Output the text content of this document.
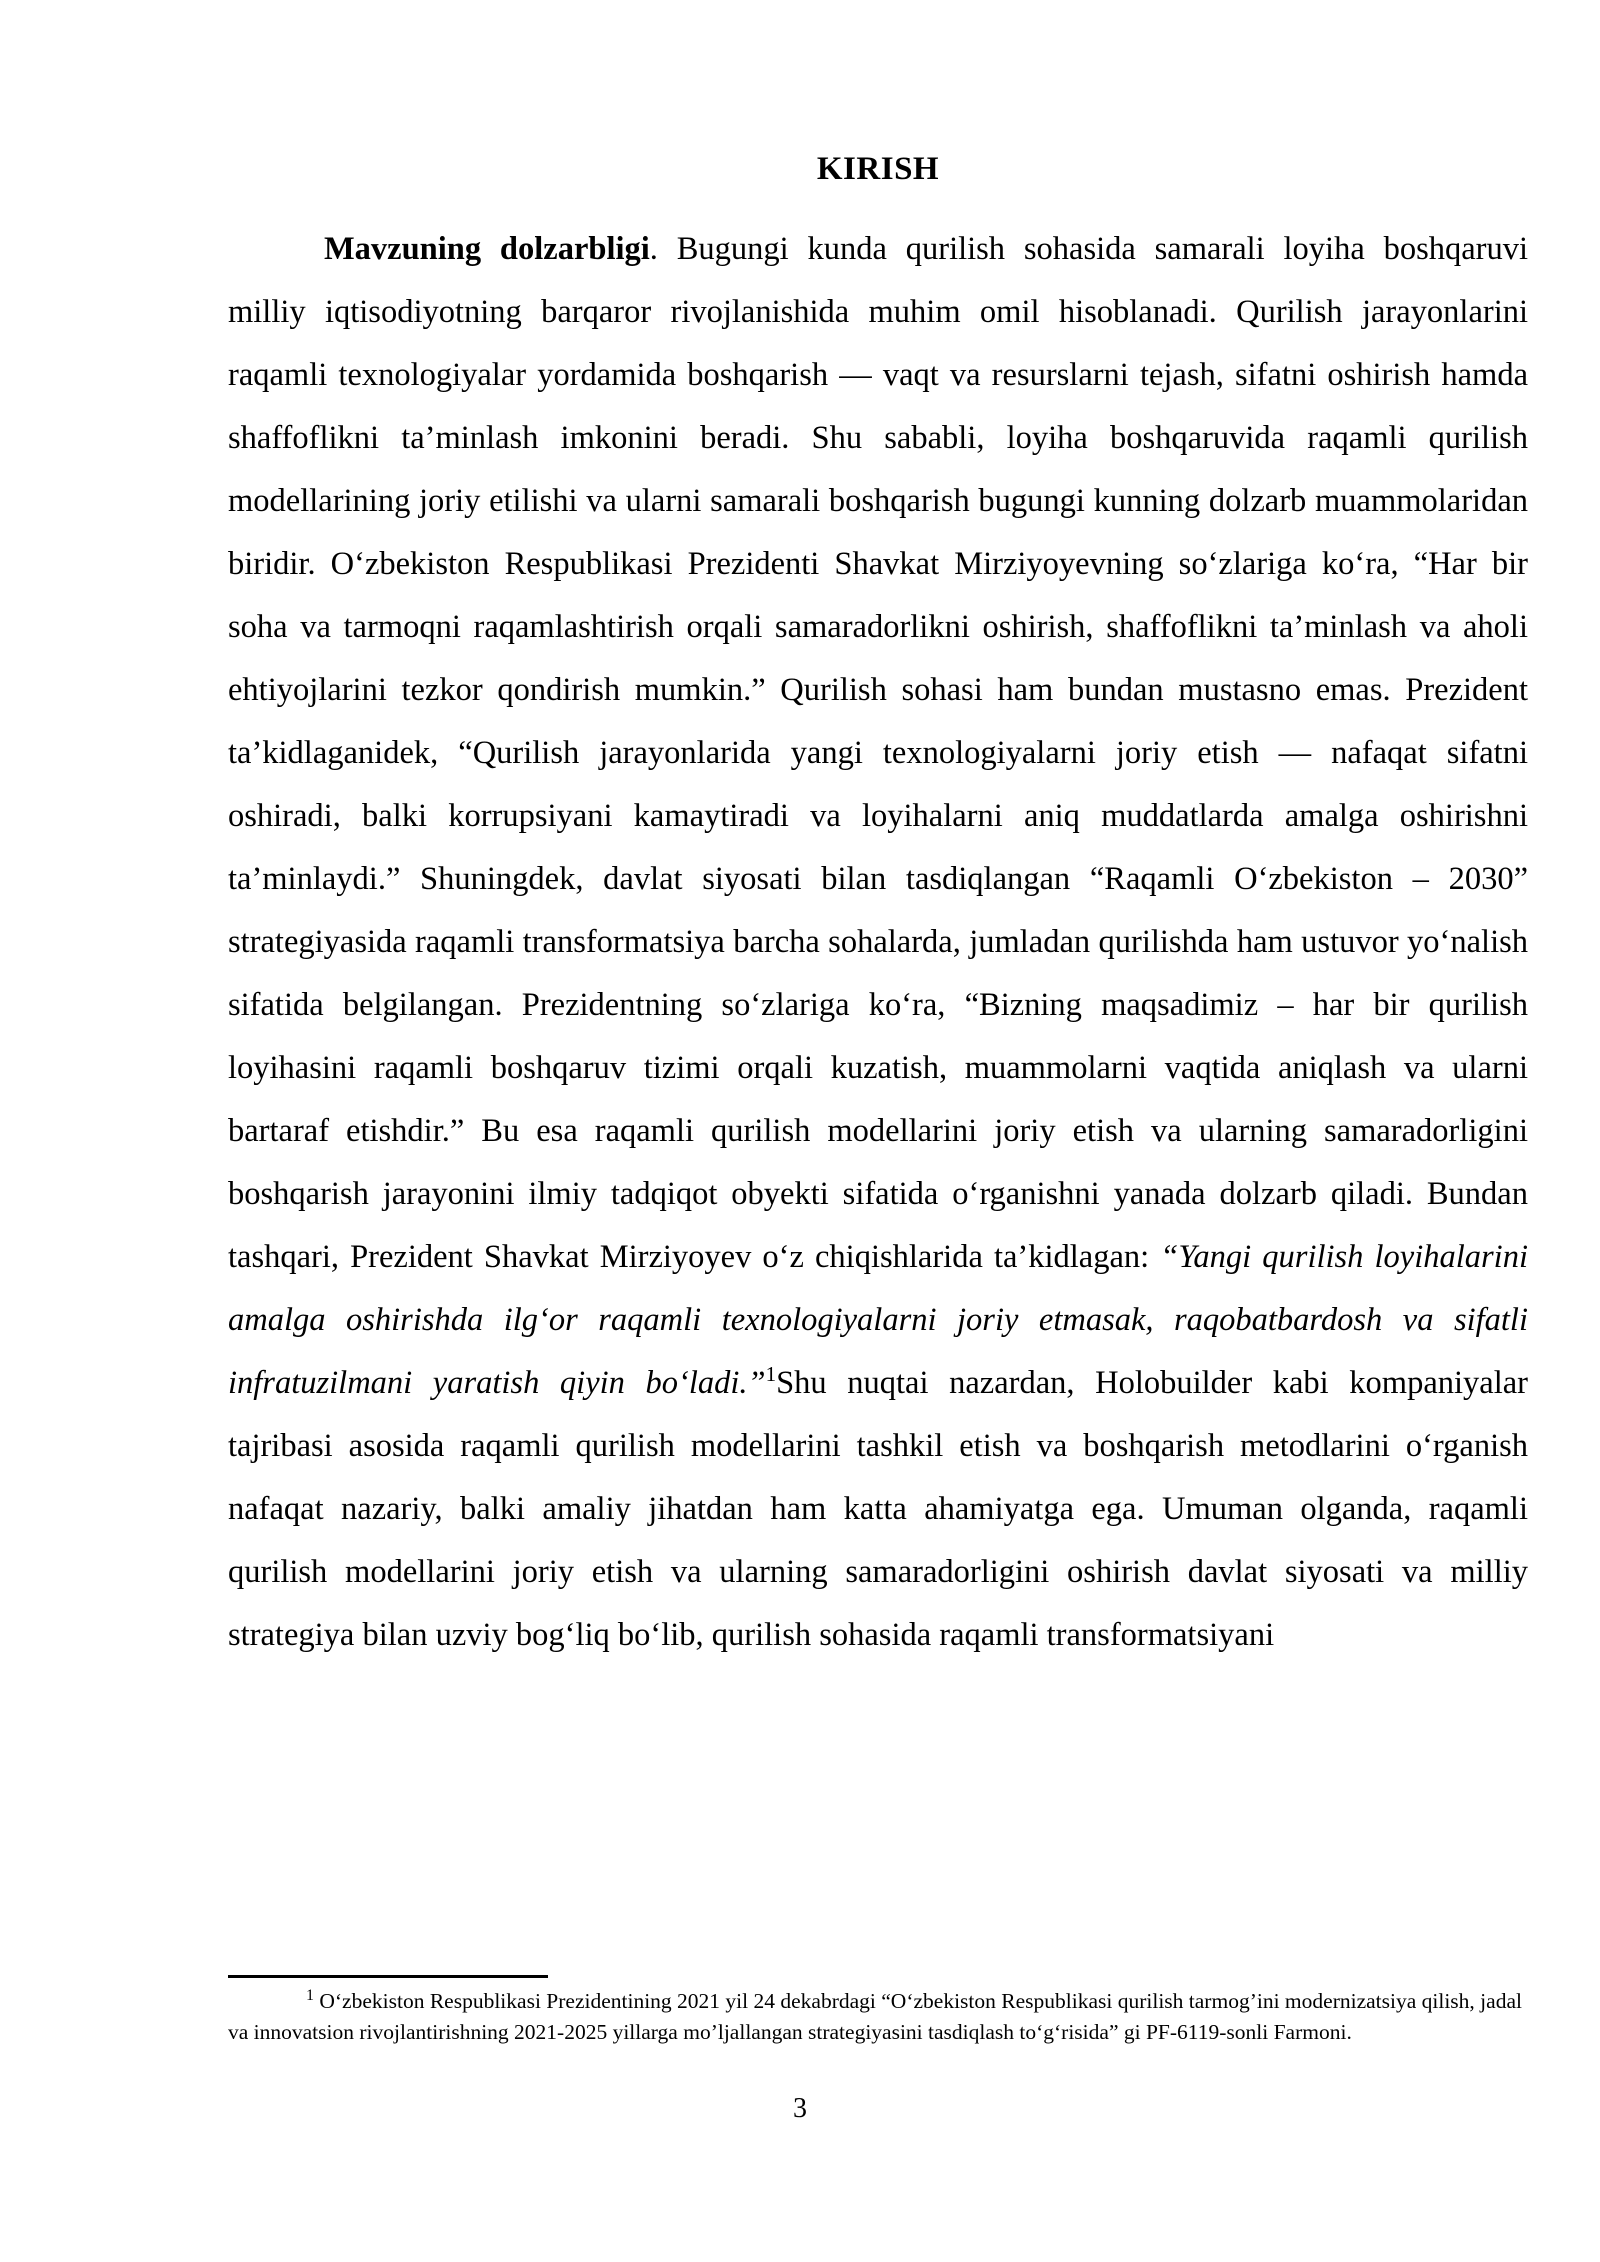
KIRISH

Mavzuning dolzarbligi. Bugungi kunda qurilish sohasida samarali loyiha boshqaruvi milliy iqtisodiyotning barqaror rivojlanishida muhim omil hisoblanadi. Qurilish jarayonlarini raqamli texnologiyalar yordamida boshqarish — vaqt va resurslarni tejash, sifatni oshirish hamda shaffoflikni ta’minlash imkonini beradi. Shu sababli, loyiha boshqaruvida raqamli qurilish modellarining joriy etilishi va ularni samarali boshqarish bugungi kunning dolzarb muammolaridan biridir. Oʻzbekiston Respublikasi Prezidenti Shavkat Mirziyoyevning soʻzlariga koʻra, “Har bir soha va tarmoqni raqamlashtirish orqali samaradorlikni oshirish, shaffoflikni ta’minlash va aholi ehtiyojlarini tezkor qondirish mumkin.” Qurilish sohasi ham bundan mustasno emas. Prezident ta’kidlaganidek, “Qurilish jarayonlarida yangi texnologiyalarni joriy etish — nafaqat sifatni oshiradi, balki korrupsiyani kamaytiradi va loyihalarni aniq muddatlarda amalga oshirishni ta’minlaydi.” Shuningdek, davlat siyosati bilan tasdiqlangan “Raqamli Oʻzbekiston – 2030” strategiyasida raqamli transformatsiya barcha sohalarda, jumladan qurilishda ham ustuvor yoʻnalish sifatida belgilangan. Prezidentning soʻzlariga koʻra, “Bizning maqsadimiz – har bir qurilish loyihasini raqamli boshqaruv tizimi orqali kuzatish, muammolarni vaqtida aniqlash va ularni bartaraf etishdir.” Bu esa raqamli qurilish modellarini joriy etish va ularning samaradorligini boshqarish jarayonini ilmiy tadqiqot obyekti sifatida oʻrganishni yanada dolzarb qiladi. Bundan tashqari, Prezident Shavkat Mirziyoyev oʻz chiqishlarida ta’kidlagan: “Yangi qurilish loyihalarini amalga oshirishda ilgʻor raqamli texnologiyalarni joriy etmasak, raqobatbardosh va sifatli infratuzilmani yaratish qiyin boʻladi.”$^1$Shu nuqtai nazardan, Holobuilder kabi kompaniyalar tajribasi asosida raqamli qurilish modellarini tashkil etish va boshqarish metodlarini oʻrganish nafaqat nazariy, balki amaliy jihatdan ham katta ahamiyatga ega. Umuman olganda, raqamli qurilish modellarini joriy etish va ularning samaradorligini oshirish davlat siyosati va milliy strategiya bilan uzviy bogʻliq boʻlib, qurilish sohasida raqamli transformatsiyani

$^1$ Oʻzbekiston Respublikasi Prezidentining 2021 yil 24 dekabrdagi “Oʻzbekiston Respublikasi qurilish tarmog’ini modernizatsiya qilish, jadal va innovatsion rivojlantirishning 2021-2025 yillarga mo’ljallangan strategiyasini tasdiqlash toʻgʻrisida” gi PF-6119-sonli Farmoni.

3
